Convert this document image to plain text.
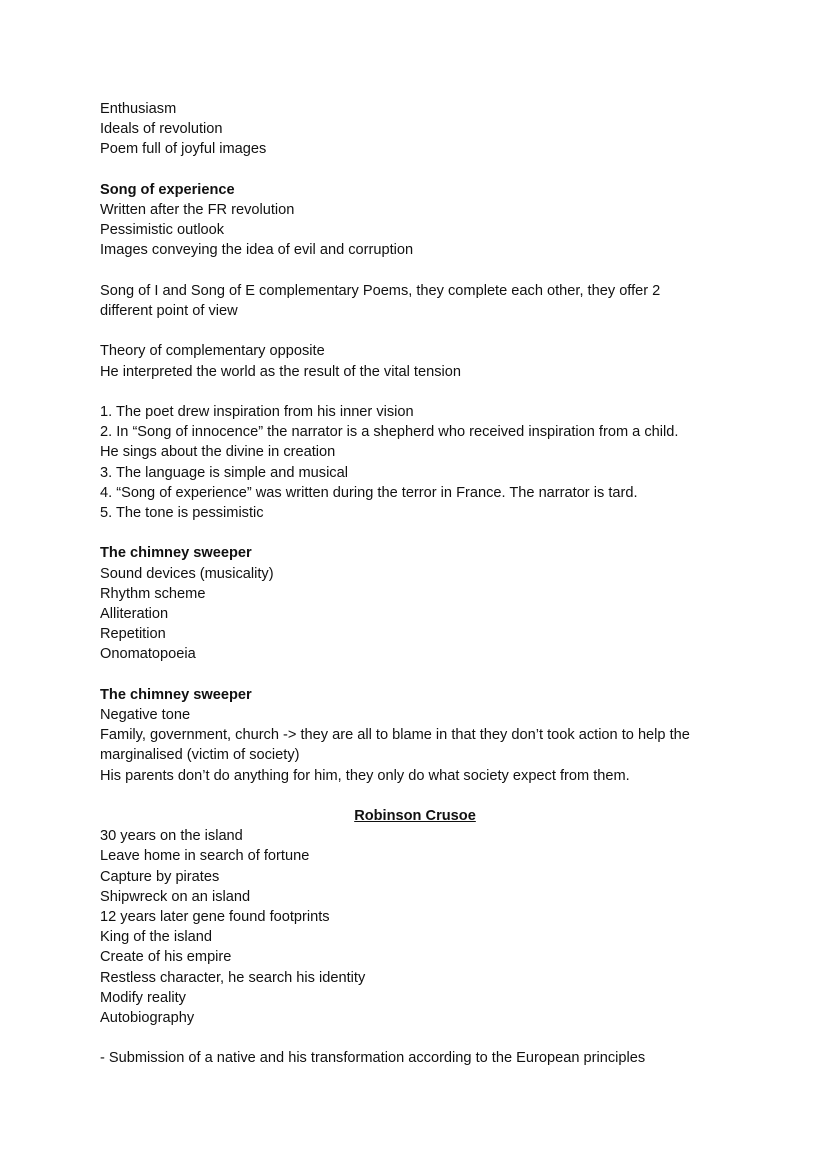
Enthusiasm
Ideals of revolution
Poem full of joyful images
Song of experience
Written after the FR revolution
Pessimistic outlook
Images conveying the idea of evil and corruption
Song of I and Song of E complementary Poems, they complete each other, they offer 2
different point of view
Theory of complementary opposite
He interpreted the world as the result of the vital tension
1. The poet drew inspiration from his inner vision
2. In “Song of innocence” the narrator is a shepherd who received inspiration from a child.
He sings about the divine in creation
3. The language is simple and musical
4. “Song of experience” was written during the terror in France. The narrator is tard.
5. The tone is pessimistic
The chimney sweeper
Sound devices (musicality)
Rhythm scheme
Alliteration
Repetition
Onomatopoeia
The chimney sweeper
Negative tone
Family, government, church -> they are all to blame in that they don’t took action to help the
marginalised (victim of society)
His parents don’t do anything for him, they only do what society expect from them.
Robinson Crusoe
30 years on the island
Leave home in search of fortune
Capture by pirates
Shipwreck on an island
12 years later gene found footprints
King of the island
Create of his empire
Restless character, he search his identity
Modify reality
Autobiography
- Submission of a native and his transformation according to the European principles
